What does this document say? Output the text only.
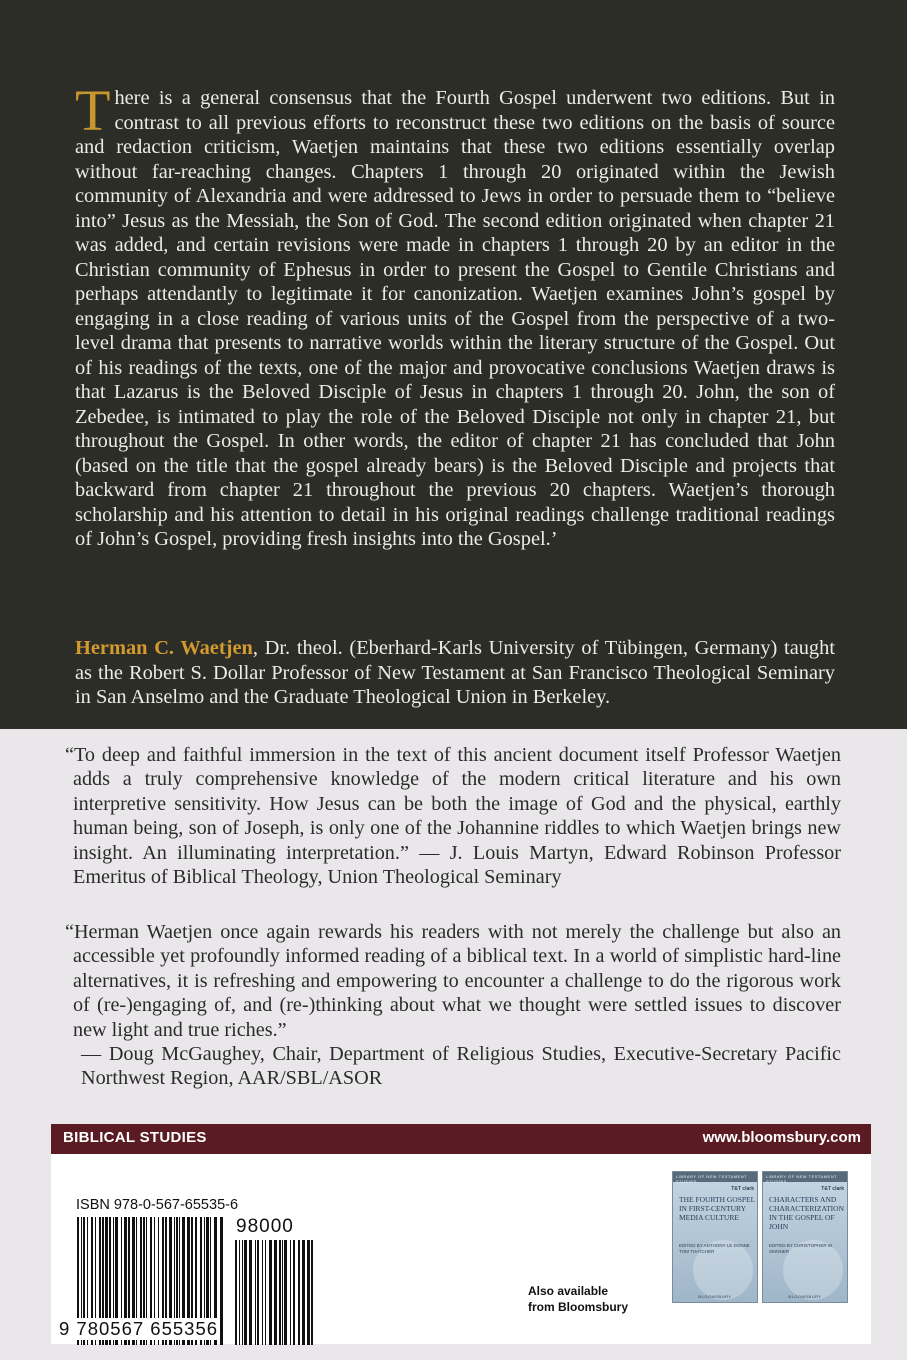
There is a general consensus that the Fourth Gospel underwent two editions. But in contrast to all previous efforts to reconstruct these two editions on the basis of source and redaction criticism, Waetjen maintains that these two editions essentially overlap without far-reaching changes. Chapters 1 through 20 originated within the Jewish community of Alexandria and were addressed to Jews in order to persuade them to “believe into” Jesus as the Messiah, the Son of God. The second edition originated when chapter 21 was added, and certain revisions were made in chapters 1 through 20 by an editor in the Christian community of Ephesus in order to present the Gospel to Gentile Christians and perhaps attendantly to legitimate it for canonization. Waetjen examines John’s gospel by engaging in a close reading of various units of the Gospel from the perspective of a two-level drama that presents to narrative worlds within the literary structure of the Gospel. Out of his readings of the texts, one of the major and provocative conclusions Waetjen draws is that Lazarus is the Beloved Disciple of Jesus in chapters 1 through 20. John, the son of Zebedee, is intimated to play the role of the Beloved Disciple not only in chapter 21, but throughout the Gospel. In other words, the editor of chapter 21 has concluded that John (based on the title that the gospel already bears) is the Beloved Disciple and projects that backward from chapter 21 throughout the previous 20 chapters. Waetjen’s thorough scholarship and his attention to detail in his original readings challenge traditional readings of John’s Gospel, providing fresh insights into the Gospel.’
Herman C. Waetjen, Dr. theol. (Eberhard-Karls University of Tübingen, Germany) taught as the Robert S. Dollar Professor of New Testament at San Francisco Theological Seminary in San Anselmo and the Graduate Theological Union in Berkeley.
“To deep and faithful immersion in the text of this ancient document itself Professor Waetjen adds a truly comprehensive knowledge of the modern critical literature and his own interpretive sensitivity. How Jesus can be both the image of God and the physical, earthly human being, son of Joseph, is only one of the Johannine riddles to which Waetjen brings new insight. An illuminating interpretation.” — J. Louis Martyn, Edward Robinson Professor Emeritus of Biblical Theology, Union Theological Seminary
“Herman Waetjen once again rewards his readers with not merely the challenge but also an accessible yet profoundly informed reading of a biblical text. In a world of simplistic hard-line alternatives, it is refreshing and empowering to encounter a challenge to do the rigorous work of (re-)engaging of, and (re-)thinking about what we thought were settled issues to discover new light and true riches.”
— Doug McGaughey, Chair, Department of Religious Studies, Executive-Secretary Pacific Northwest Region, AAR/SBL/ASOR
BIBLICAL STUDIES	www.bloomsbury.com
ISBN 978-0-567-65535-6
98000
9 780567 655356
Also available
from Bloomsbury
LIBRARY OF NEW TESTAMENT STUDIES
T&T clark
THE FOURTH GOSPEL IN FIRST-CENTURY MEDIA CULTURE
EDITED BY ANTHONY LE DONNE TOM THATCHER
BLOOMSBURY
LIBRARY OF NEW TESTAMENT STUDIES
T&T clark
CHARACTERS AND CHARACTERIZATION IN THE GOSPEL OF JOHN
EDITED BY CHRISTOPHER W. SKINNER
BLOOMSBURY
